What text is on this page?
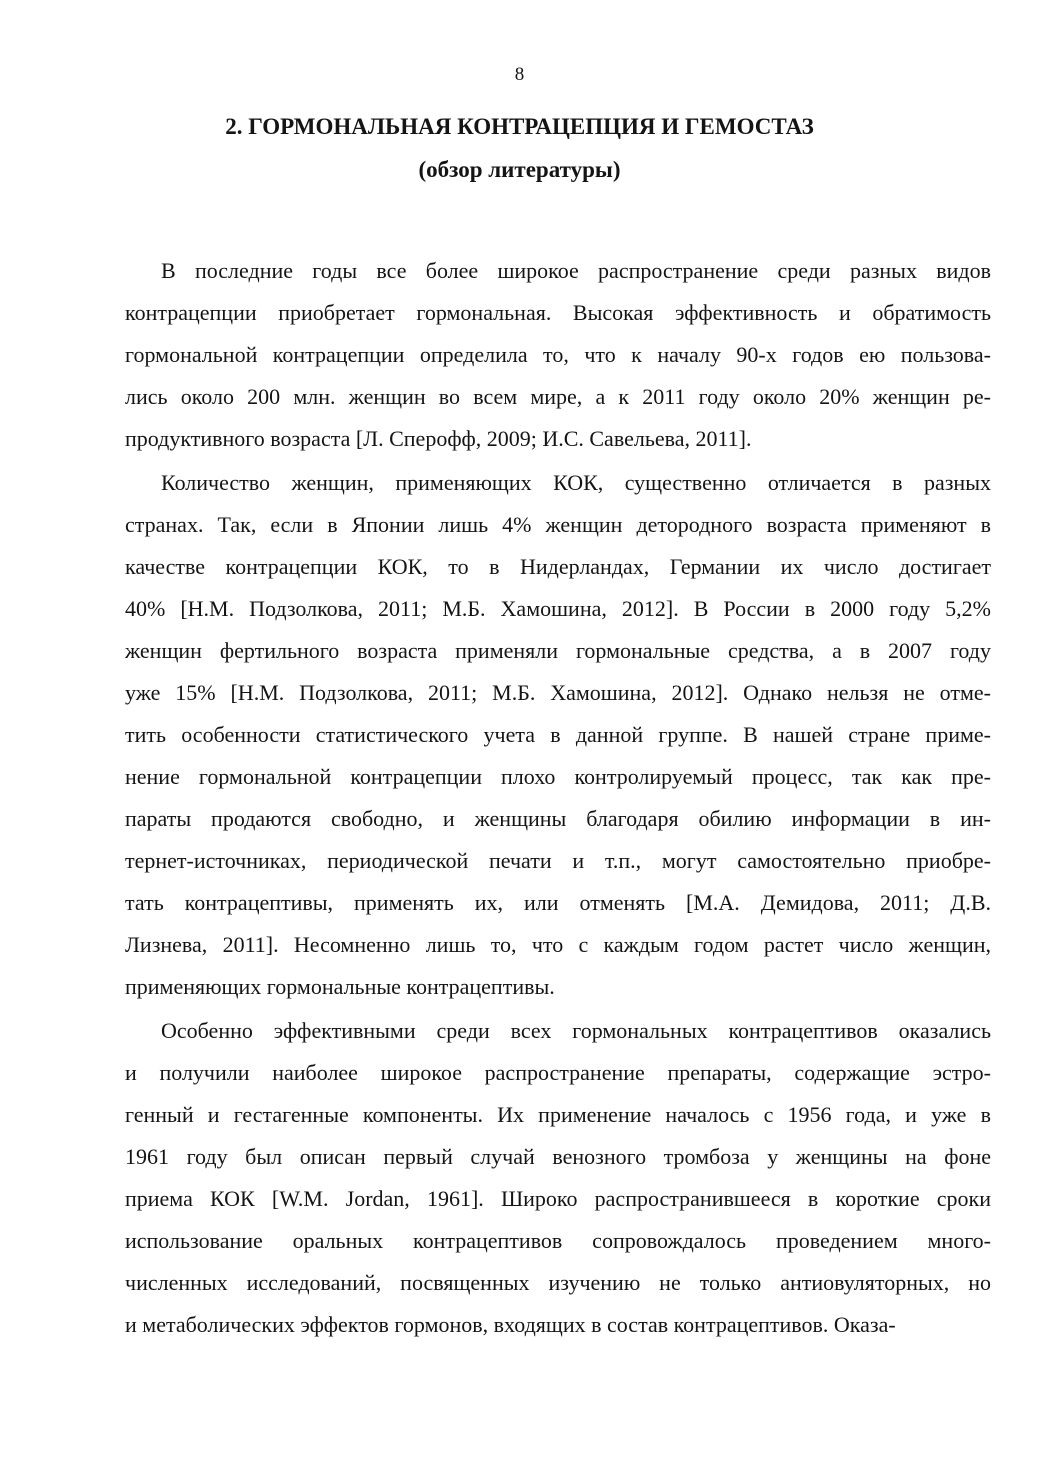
8
2. ГОРМОНАЛЬНАЯ КОНТРАЦЕПЦИЯ И ГЕМОСТАЗ
(обзор литературы)
В последние годы все более широкое распространение среди разных видов
контрацепции приобретает гормональная. Высокая эффективность и обратимость
гормональной контрацепции определила то, что к началу 90-х годов ею пользова-
лись около 200 млн. женщин во всем мире, а к 2011 году около 20% женщин ре-
продуктивного возраста [Л. Сперофф, 2009; И.С. Савельева, 2011].
Количество женщин, применяющих КОК, существенно отличается в разных
странах. Так, если в Японии лишь 4% женщин детородного возраста применяют в
качестве контрацепции КОК, то в Нидерландах, Германии их число достигает
40% [Н.М. Подзолкова, 2011; М.Б. Хамошина, 2012]. В России в 2000 году 5,2%
женщин фертильного возраста применяли гормональные средства, а в 2007 году
уже 15% [Н.М. Подзолкова, 2011; М.Б. Хамошина, 2012]. Однако нельзя не отме-
тить особенности статистического учета в данной группе. В нашей стране приме-
нение гормональной контрацепции плохо контролируемый процесс, так как пре-
параты продаются свободно, и женщины благодаря обилию информации в ин-
тернет-источниках, периодической печати и т.п., могут самостоятельно приобре-
тать контрацептивы, применять их, или отменять [М.А. Демидова, 2011; Д.В.
Лизнева, 2011]. Несомненно лишь то, что с каждым годом растет число женщин,
применяющих гормональные контрацептивы.
Особенно эффективными среди всех гормональных контрацептивов оказались
и получили наиболее широкое распространение препараты, содержащие эстро-
генный и гестагенные компоненты. Их применение началось с 1956 года, и уже в
1961 году был описан первый случай венозного тромбоза у женщины на фоне
приема КОК [W.M. Jordan, 1961]. Широко распространившееся в короткие сроки
использование оральных контрацептивов сопровождалось проведением много-
численных исследований, посвященных изучению не только антиовуляторных, но
и метаболических эффектов гормонов, входящих в состав контрацептивов. Оказа-
